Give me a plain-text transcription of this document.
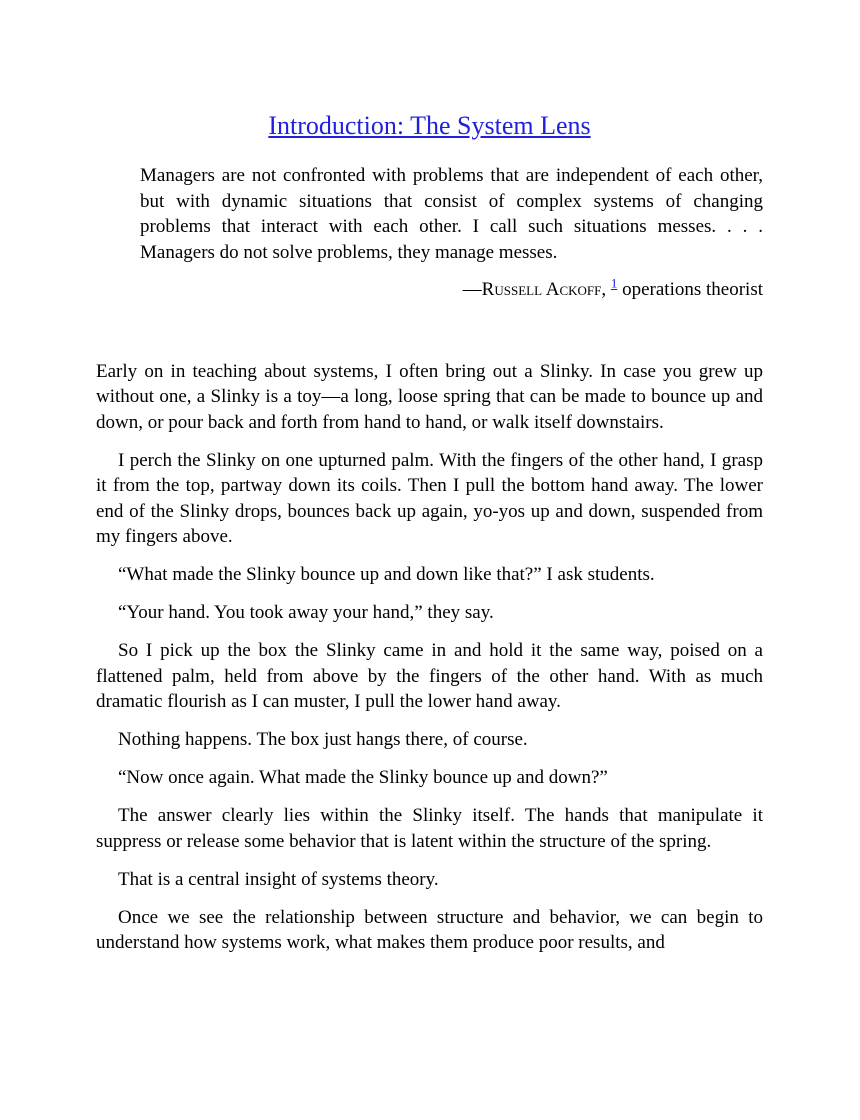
Introduction: The System Lens
Managers are not confronted with problems that are independent of each other, but with dynamic situations that consist of complex systems of changing problems that interact with each other. I call such situations messes. . . . Managers do not solve problems, they manage messes.

—Russell Ackoff, $^1$ operations theorist

Early on in teaching about systems, I often bring out a Slinky. In case you grew up without one, a Slinky is a toy—a long, loose spring that can be made to bounce up and down, or pour back and forth from hand to hand, or walk itself downstairs.

I perch the Slinky on one upturned palm. With the fingers of the other hand, I grasp it from the top, partway down its coils. Then I pull the bottom hand away. The lower end of the Slinky drops, bounces back up again, yo-yos up and down, suspended from my fingers above.

“What made the Slinky bounce up and down like that?” I ask students.

“Your hand. You took away your hand,” they say.

So I pick up the box the Slinky came in and hold it the same way, poised on a flattened palm, held from above by the fingers of the other hand. With as much dramatic flourish as I can muster, I pull the lower hand away.

Nothing happens. The box just hangs there, of course.

“Now once again. What made the Slinky bounce up and down?”

The answer clearly lies within the Slinky itself. The hands that manipulate it suppress or release some behavior that is latent within the structure of the spring.

That is a central insight of systems theory.

Once we see the relationship between structure and behavior, we can begin to understand how systems work, what makes them produce poor results, and
